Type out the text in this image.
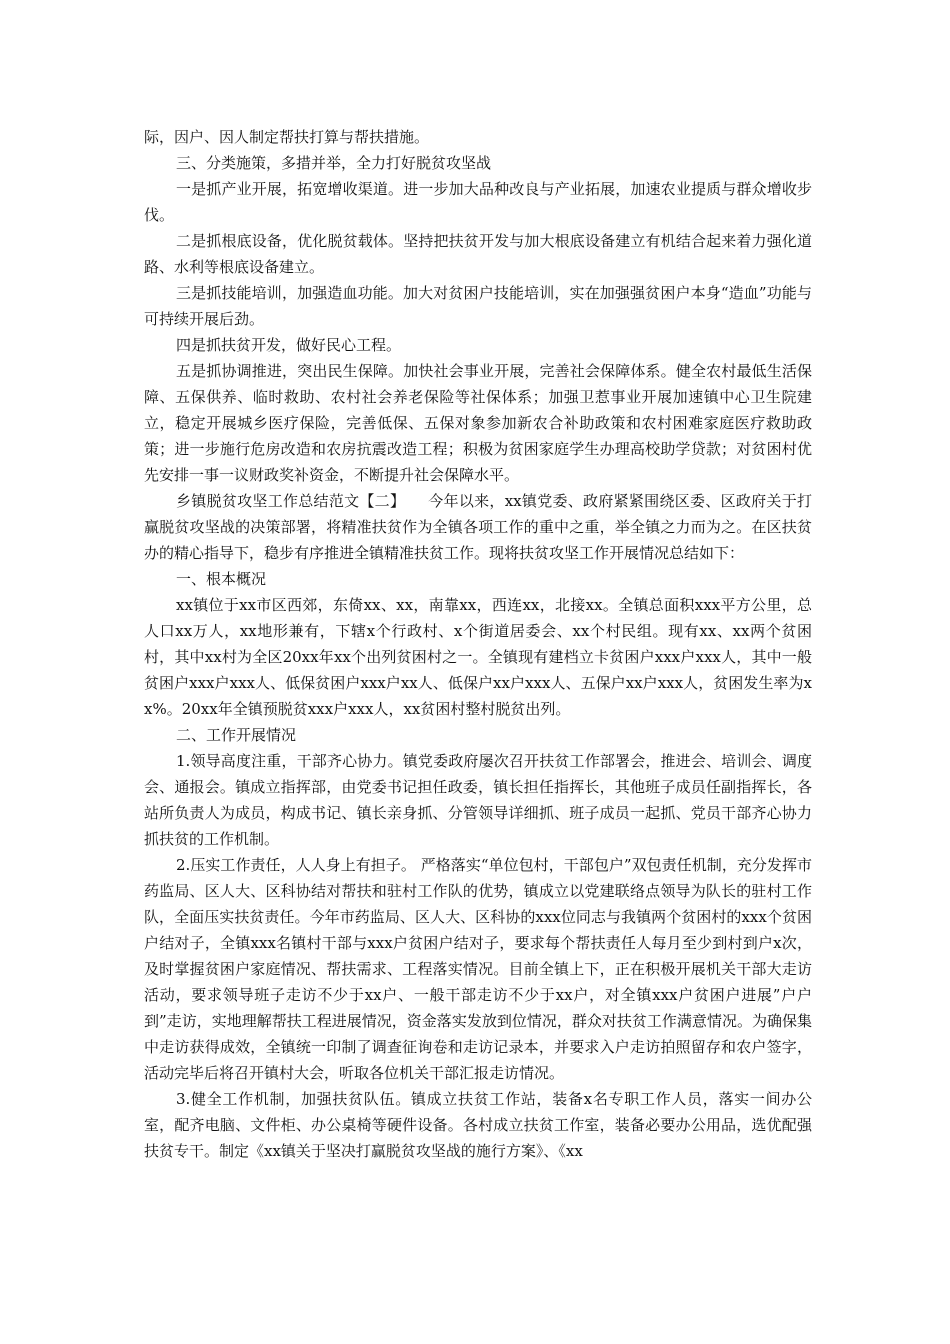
际，因户、因人制定帮扶打算与帮扶措施。

三、分类施策，多措并举，全力打好脱贫攻坚战

一是抓产业开展，拓宽增收渠道。进一步加大品种改良与产业拓展，加速农业提质与群众增收步伐。

二是抓根底设备，优化脱贫载体。坚持把扶贫开发与加大根底设备建立有机结合起来着力强化道路、水利等根底设备建立。

三是抓技能培训，加强造血功能。加大对贫困户技能培训，实在加强强贫困户本身“造血”功能与可持续开展后劲。

四是抓扶贫开发，做好民心工程。

五是抓协调推进，突出民生保障。加快社会事业开展，完善社会保障体系。健全农村最低生活保障、五保供养、临时救助、农村社会养老保险等社保体系；加强卫惹事业开展加速镇中心卫生院建立，稳定开展城乡医疗保险，完善低保、五保对象参加新农合补助政策和农村困难家庭医疗救助政策；进一步施行危房改造和农房抗震改造工程；积极为贫困家庭学生办理高校助学贷款；对贫困村优先安排一事一议财政奖补资金，不断提升社会保障水平。

乡镇脱贫攻坚工作总结范文【二】　　今年以来，xx镇党委、政府紧紧围绕区委、区政府关于打赢脱贫攻坚战的决策部署，将精准扶贫作为全镇各项工作的重中之重，举全镇之力而为之。在区扶贫办的精心指导下，稳步有序推进全镇精准扶贫工作。现将扶贫攻坚工作开展情况总结如下：

一、根本概况

xx镇位于xx市区西郊，东倚xx、xx，南靠xx，西连xx，北接xx。全镇总面积xxx平方公里，总人口xx万人，xx地形兼有，下辖x个行政村、x个街道居委会、xx个村民组。现有xx、xx两个贫困村，其中xx村为全区20xx年xx个出列贫困村之一。全镇现有建档立卡贫困户xxx户xxx人，其中一般贫困户xxx户xxx人、低保贫困户xxx户xx人、低保户xx户xxx人、五保户xx户xxx人，贫困发生率为xx%。20xx年全镇预脱贫xxx户xxx人，xx贫困村整村脱贫出列。

二、工作开展情况

1.领导高度注重，干部齐心协力。镇党委政府屡次召开扶贫工作部署会，推进会、培训会、调度会、通报会。镇成立指挥部，由党委书记担任政委，镇长担任指挥长，其他班子成员任副指挥长，各站所负责人为成员，构成书记、镇长亲身抓、分管领导详细抓、班子成员一起抓、党员干部齐心协力抓扶贫的工作机制。

2.压实工作责任，人人身上有担子。 严格落实“单位包村，干部包户”双包责任机制，充分发挥市药监局、区人大、区科协结对帮扶和驻村工作队的优势，镇成立以党建联络点领导为队长的驻村工作队，全面压实扶贫责任。今年市药监局、区人大、区科协的xxx位同志与我镇两个贫困村的xxx个贫困户结对子，全镇xxx名镇村干部与xxx户贫困户结对子，要求每个帮扶责任人每月至少到村到户x次，及时掌握贫困户家庭情况、帮扶需求、工程落实情况。目前全镇上下，正在积极开展机关干部大走访活动，要求领导班子走访不少于xx户、一般干部走访不少于xx户，对全镇xxx户贫困户进展”户户到”走访，实地理解帮扶工程进展情况，资金落实发放到位情况，群众对扶贫工作满意情况。为确保集中走访获得成效，全镇统一印制了调查征询卷和走访记录本，并要求入户走访拍照留存和农户签字，活动完毕后将召开镇村大会，听取各位机关干部汇报走访情况。

3.健全工作机制，加强扶贫队伍。镇成立扶贫工作站，装备x名专职工作人员，落实一间办公室，配齐电脑、文件柜、办公桌椅等硬件设备。各村成立扶贫工作室，装备必要办公用品，选优配强扶贫专干。制定《xx镇关于坚决打赢脱贫攻坚战的施行方案》、《xx
